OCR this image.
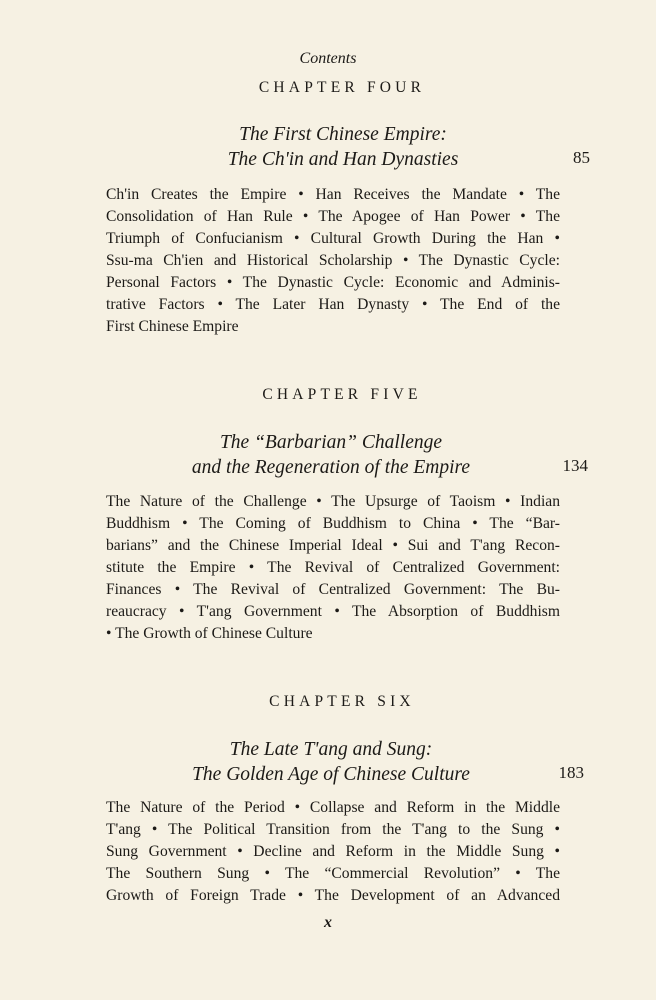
Contents
CHAPTER FOUR
The First Chinese Empire:
The Ch'in and Han Dynasties	85
Ch'in Creates the Empire • Han Receives the Mandate • The
Consolidation of Han Rule • The Apogee of Han Power • The
Triumph of Confucianism • Cultural Growth During the Han •
Ssu-ma Ch'ien and Historical Scholarship • The Dynastic Cycle:
Personal Factors • The Dynastic Cycle: Economic and Adminis-
trative Factors • The Later Han Dynasty • The End of the
First Chinese Empire
CHAPTER FIVE
The “Barbarian” Challenge
and the Regeneration of the Empire	134
The Nature of the Challenge • The Upsurge of Taoism • Indian
Buddhism • The Coming of Buddhism to China • The “Bar-
barians” and the Chinese Imperial Ideal • Sui and T'ang Recon-
stitute the Empire • The Revival of Centralized Government:
Finances • The Revival of Centralized Government: The Bu-
reaucracy • T'ang Government • The Absorption of Buddhism
• The Growth of Chinese Culture
CHAPTER SIX
The Late T'ang and Sung:
The Golden Age of Chinese Culture	183
The Nature of the Period • Collapse and Reform in the Middle
T'ang • The Political Transition from the T'ang to the Sung •
Sung Government • Decline and Reform in the Middle Sung •
The Southern Sung • The “Commercial Revolution” • The
Growth of Foreign Trade • The Development of an Advanced
x
